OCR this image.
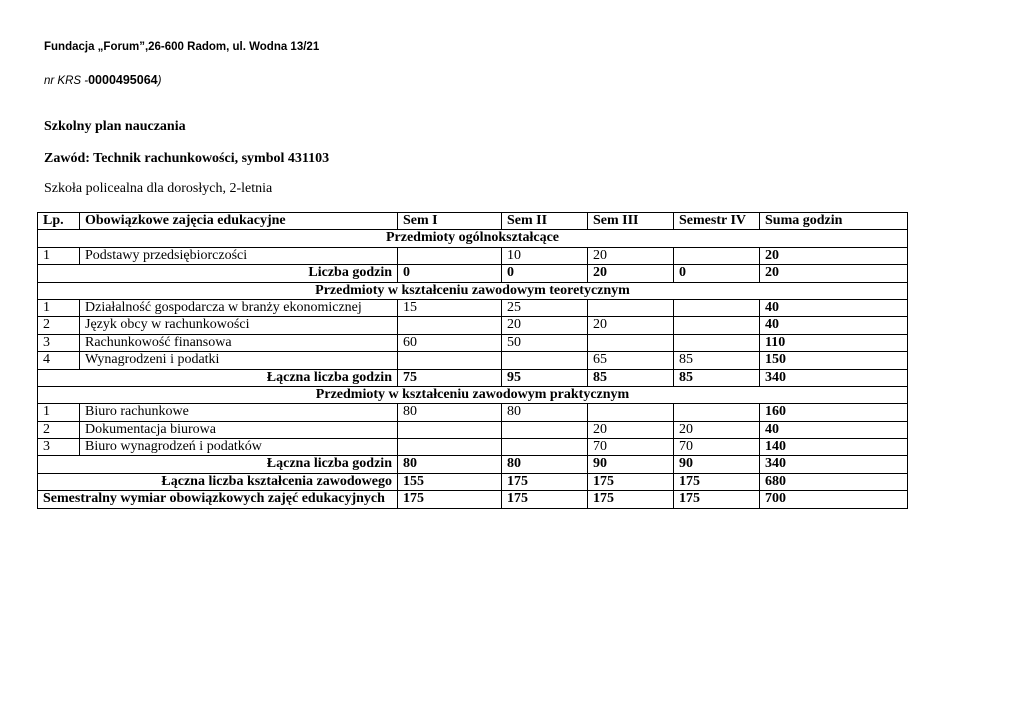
Fundacja „Forum”,26-600 Radom, ul. Wodna 13/21
nr KRS -0000495064)
Szkolny plan nauczania
Zawód: Technik rachunkowości, symbol 431103
Szkoła policealna dla dorosłych, 2-letnia
Lp.	Obowiązkowe zajęcia edukacyjne	Sem I	Sem II	Sem III	Semestr IV	Suma godzin
Przedmioty ogólnokształcące						
1	Podstawy przedsiębiorczości		10	20		20
Liczba godzin		0	0	20	0	20
Przedmioty w kształceniu zawodowym teoretycznym						
1	Działalność gospodarcza w branży ekonomicznej	15	25			40
2	Język obcy w rachunkowości		20	20		40
3	Rachunkowość finansowa	60	50			110
4	Wynagrodzeni i podatki			65	85	150
Łączna liczba godzin		75	95	85	85	340
Przedmioty w kształceniu zawodowym praktycznym						
1	Biuro rachunkowe	80	80			160
2	Dokumentacja biurowa			20	20	40
3	Biuro wynagrodzeń i podatków			70	70	140
Łączna liczba godzin		80	80	90	90	340
Łączna liczba kształcenia zawodowego		155	175	175	175	680
Semestralny wymiar obowiązkowych zajęć edukacyjnych		175	175	175	175	700
